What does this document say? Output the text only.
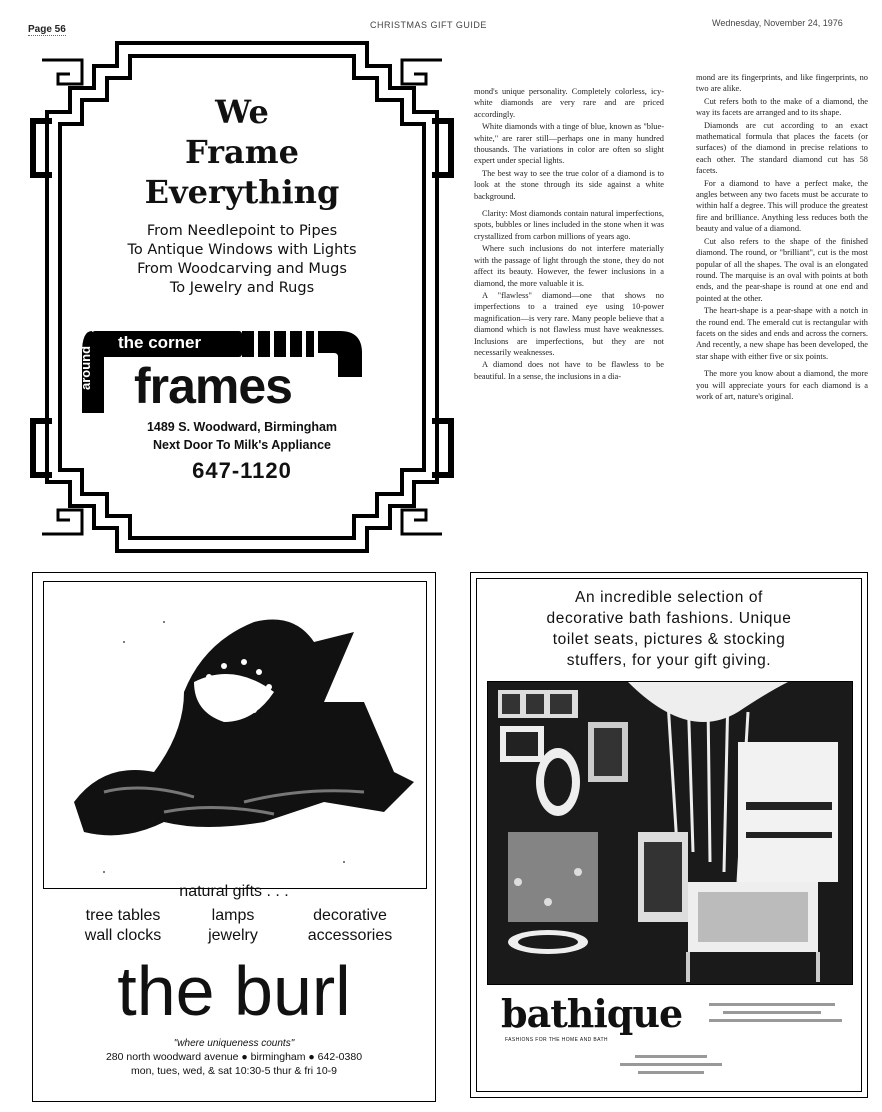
Page 56	CHRISTMAS GIFT GUIDE	Wednesday, November 24, 1976
We
Frame
Everything
From Needlepoint to Pipes
To Antique Windows with Lights
From Woodcarving and Mugs
To Jewelry and Rugs
the corner
around frames
1489 S. Woodward, Birmingham
Next Door To Milk's Appliance
647-1120

mond's unique personality. Completely colorless, icy-white diamonds are very rare and are priced accordingly.

White diamonds with a tinge of blue, known as "blue-white," are rarer still—perhaps one in many hundred thousands. The variations in color are often so slight expert under special lights.

The best way to see the true color of a diamond is to look at the stone through its side against a white background.

Clarity: Most diamonds contain natural imperfections, spots, bubbles or lines included in the stone when it was crystallized from carbon millions of years ago.

Where such inclusions do not interfere materially with the passage of light through the stone, they do not affect its beauty. However, the fewer inclusions in a diamond, the more valuable it is.

A "flawless" diamond—one that shows no imperfections to a trained eye using 10-power magnification—is very rare. Many people believe that a diamond which is not flawless must have weaknesses. Inclusions are imperfections, but they are not necessarily weaknesses.

A diamond does not have to be flawless to be beautiful. In a sense, the inclusions in a dia-

mond are its fingerprints, and like fingerprints, no two are alike.

Cut refers both to the make of a diamond, the way its facets are arranged and to its shape.

Diamonds are cut according to an exact mathematical formula that places the facets (or surfaces) of the diamond in precise relations to each other. The standard diamond cut has 58 facets.

For a diamond to have a perfect make, the angles between any two facets must be accurate to within half a degree. This will produce the greatest fire and brilliance. Anything less reduces both the beauty and value of a diamond.

Cut also refers to the shape of the finished diamond. The round, or "brilliant", cut is the most popular of all the shapes. The oval is an elongated round. The marquise is an oval with points at both ends, and the pear-shape is round at one end and pointed at the other.

The heart-shape is a pear-shape with a notch in the round end. The emerald cut is rectangular with facets on the sides and ends and across the corners. And recently, a new shape has been developed, the star shape with either five or six points.

The more you know about a diamond, the more you will appreciate yours for each diamond is a work of art, nature's original.

natural gifts . . .
tree tables
wall clocks
lamps
jewelry
decorative
accessories
the burl
"where uniqueness counts"
280 north woodward avenue ● birmingham ● 642-0380
mon, tues, wed, & sat 10:30-5 thur & fri 10-9
An incredible selection of
decorative bath fashions. Unique
toilet seats, pictures & stocking
stuffers, for your gift giving.
bathique
FASHIONS FOR THE HOME AND BATH
